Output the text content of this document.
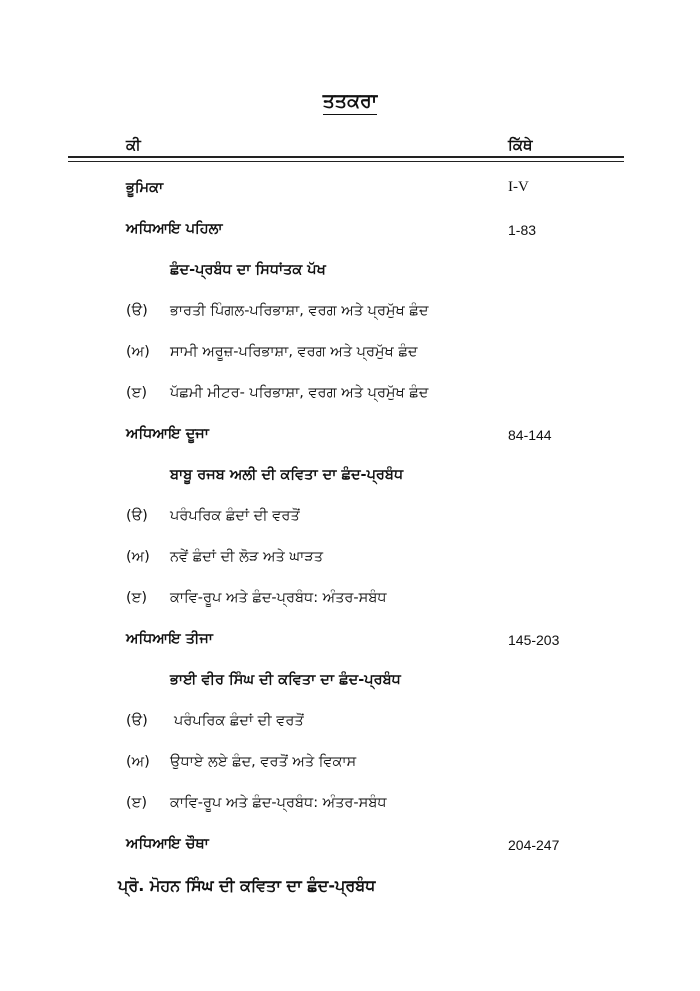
ਤਤਕਰਾ
ਕੀ	ਕਿੱਥੇ
ਭੂਮਿਕਾ	I-V
ਅਧਿਆਇ ਪਹਿਲਾ	1-83
ਛੰਦ-ਪ੍ਰਬੰਧ ਦਾ ਸਿਧਾਂਤਕ ਪੱਖ
(ੳ) ਭਾਰਤੀ ਪਿੰਗਲ-ਪਰਿਭਾਸ਼ਾ, ਵਰਗ ਅਤੇ ਪ੍ਰਮੁੱਖ ਛੰਦ
(ਅ) ਸਾਮੀ ਅਰੂਜ਼-ਪਰਿਭਾਸ਼ਾ, ਵਰਗ ਅਤੇ ਪ੍ਰਮੁੱਖ ਛੰਦ
(ੲ) ਪੱਛਮੀ ਮੀਟਰ- ਪਰਿਭਾਸ਼ਾ, ਵਰਗ ਅਤੇ ਪ੍ਰਮੁੱਖ ਛੰਦ
ਅਧਿਆਇ ਦੂਜਾ	84-144
ਬਾਬੂ ਰਜਬ ਅਲੀ ਦੀ ਕਵਿਤਾ ਦਾ ਛੰਦ-ਪ੍ਰਬੰਧ
(ੳ) ਪਰੰਪਰਿਕ ਛੰਦਾਂ ਦੀ ਵਰਤੋਂ
(ਅ) ਨਵੇਂ ਛੰਦਾਂ ਦੀ ਲੋੜ ਅਤੇ ਘਾੜਤ
(ੲ) ਕਾਵਿ-ਰੂਪ ਅਤੇ ਛੰਦ-ਪ੍ਰਬੰਧ: ਅੰਤਰ-ਸਬੰਧ
ਅਧਿਆਇ ਤੀਜਾ	145-203
ਭਾਈ ਵੀਰ ਸਿੰਘ ਦੀ ਕਵਿਤਾ ਦਾ ਛੰਦ-ਪ੍ਰਬੰਧ
(ੳ) ਪਰੰਪਰਿਕ ਛੰਦਾਂ ਦੀ ਵਰਤੋਂ
(ਅ) ਉਧਾਏ ਲਏ ਛੰਦ, ਵਰਤੋਂ ਅਤੇ ਵਿਕਾਸ
(ੲ) ਕਾਵਿ-ਰੂਪ ਅਤੇ ਛੰਦ-ਪ੍ਰਬੰਧ: ਅੰਤਰ-ਸਬੰਧ
ਅਧਿਆਇ ਚੌਥਾ	204-247
ਪ੍ਰੋ. ਮੋਹਨ ਸਿੰਘ ਦੀ ਕਵਿਤਾ ਦਾ ਛੰਦ-ਪ੍ਰਬੰਧ
